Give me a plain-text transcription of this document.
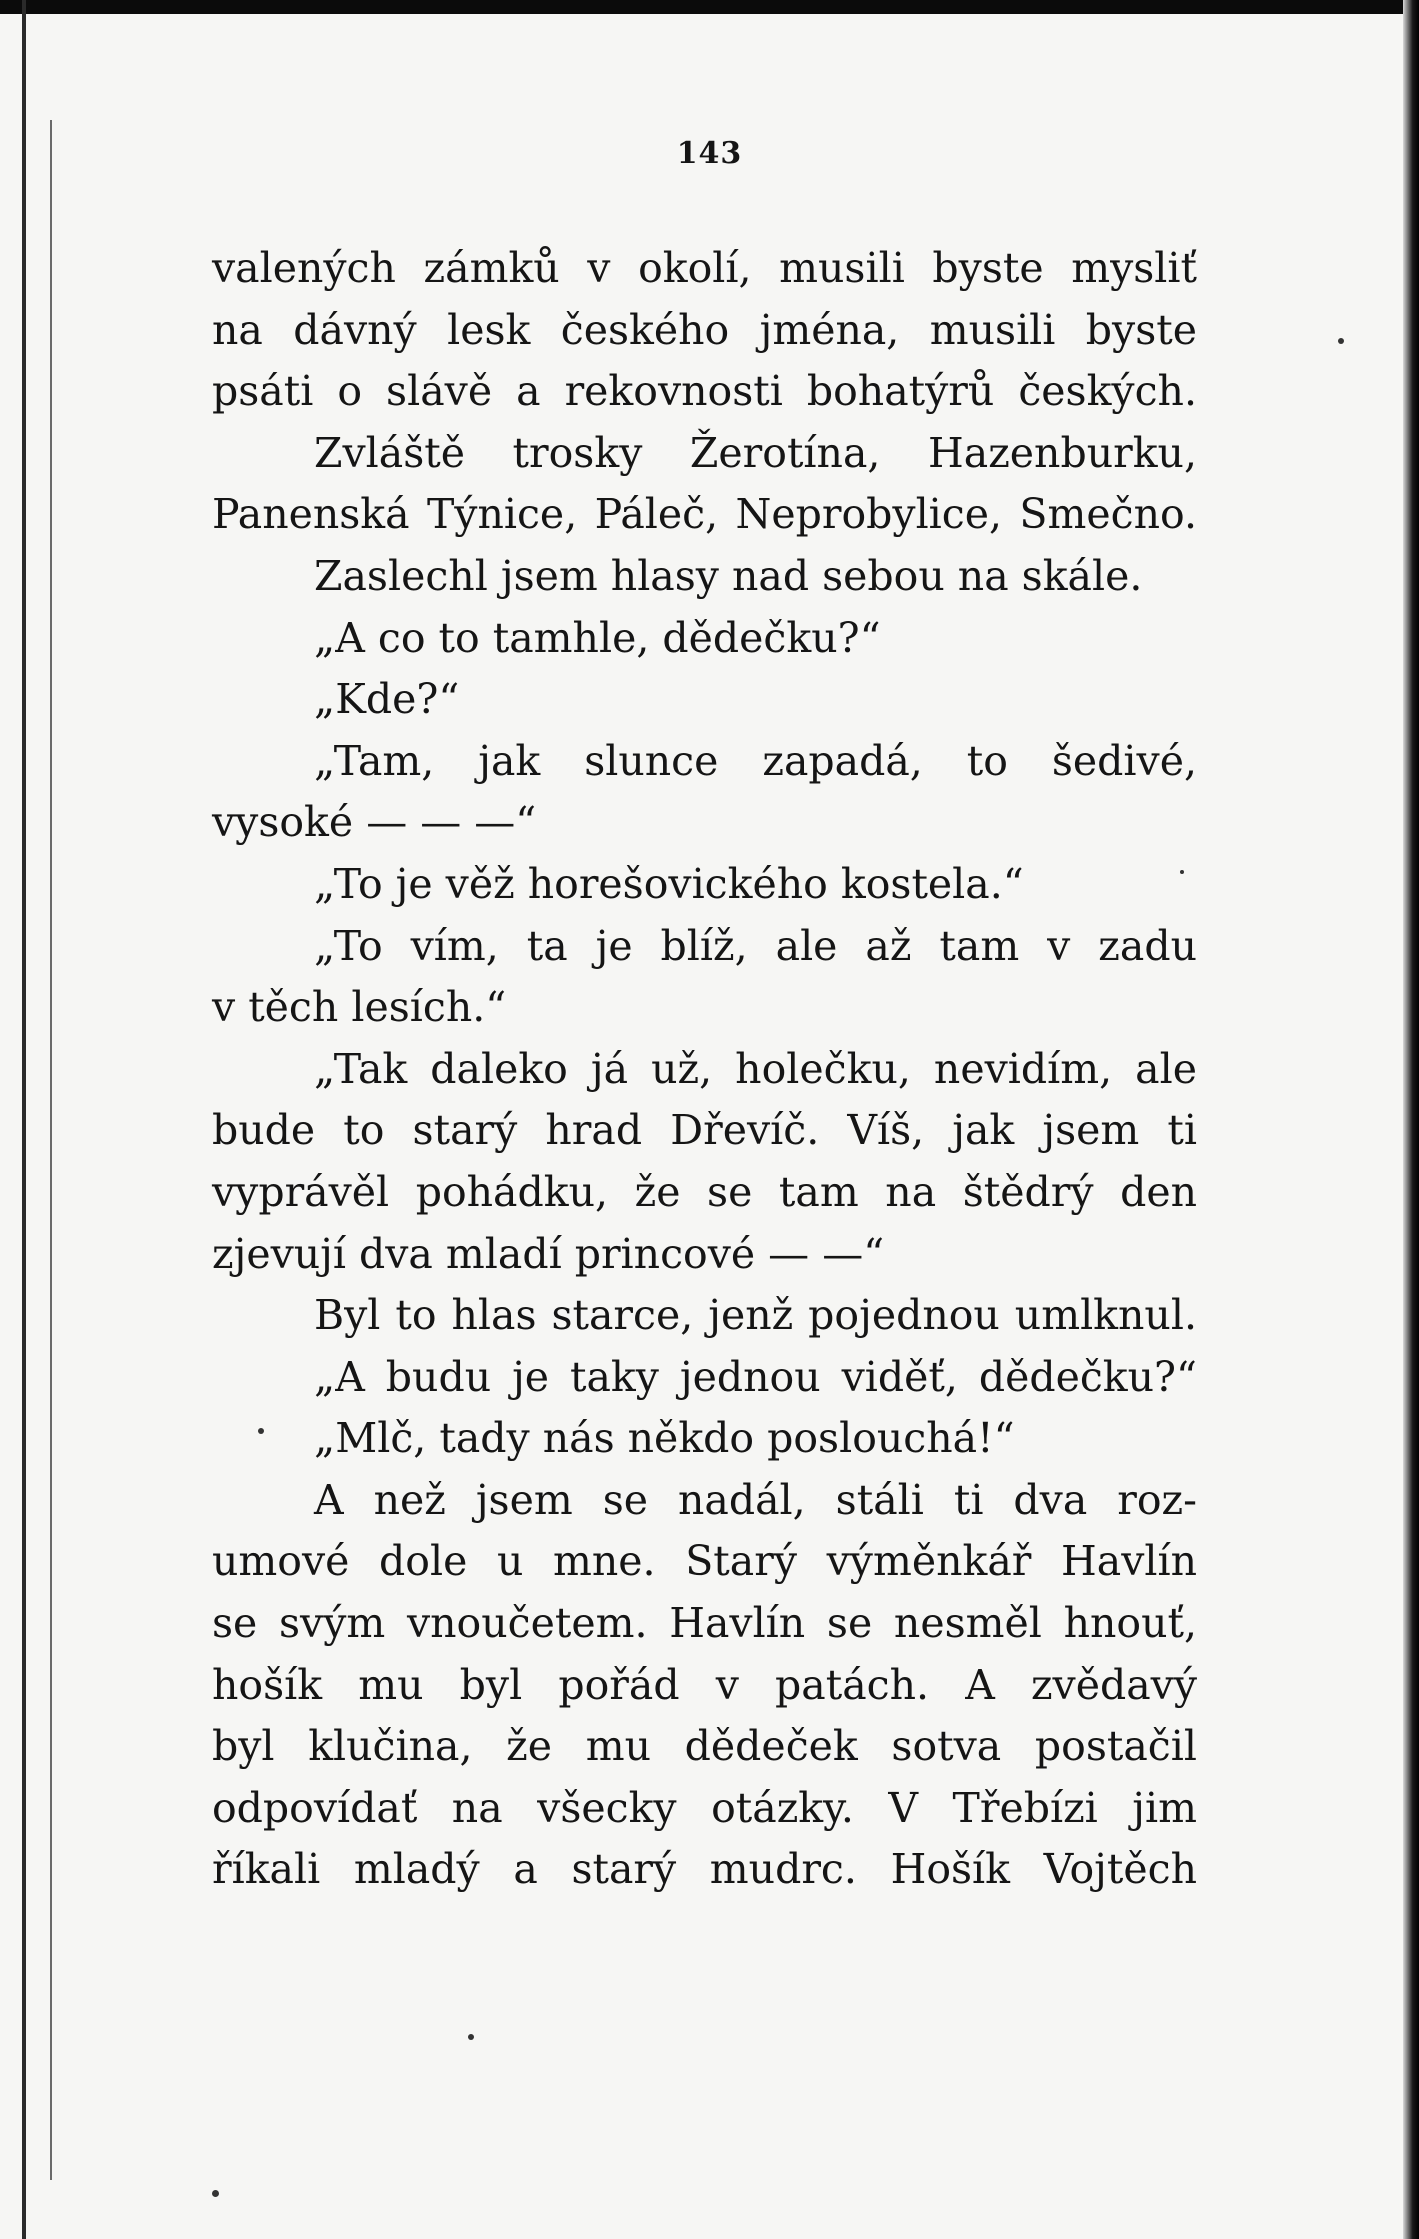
143
valených zámků v okolí, musili byste mysliť
na dávný lesk českého jména, musili byste
psáti o slávě a rekovnosti bohatýrů českých.
Zvláště trosky Žerotína, Hazenburku,
Panenská Týnice, Páleč, Neprobylice, Smečno.
Zaslechl jsem hlasy nad sebou na skále.
„A co to tamhle, dědečku?“
„Kde?“
„Tam, jak slunce zapadá, to šedivé,
vysoké — — —“
„To je věž horešovického kostela.“
„To vím, ta je blíž, ale až tam v zadu
v těch lesích.“
„Tak daleko já už, holečku, nevidím, ale
bude to starý hrad Dřevíč. Víš, jak jsem ti
vyprávěl pohádku, že se tam na štědrý den
zjevují dva mladí princové — —“
Byl to hlas starce, jenž pojednou umlknul.
„A budu je taky jednou viděť, dědečku?“
„Mlč, tady nás někdo poslouchá!“
A než jsem se nadál, stáli ti dva roz-
umové dole u mne. Starý výměnkář Havlín
se svým vnoučetem. Havlín se nesměl hnouť,
hošík mu byl pořád v patách. A zvědavý
byl klučina, že mu dědeček sotva postačil
odpovídať na všecky otázky. V Třebízi jim
říkali mladý a starý mudrc. Hošík Vojtěch
